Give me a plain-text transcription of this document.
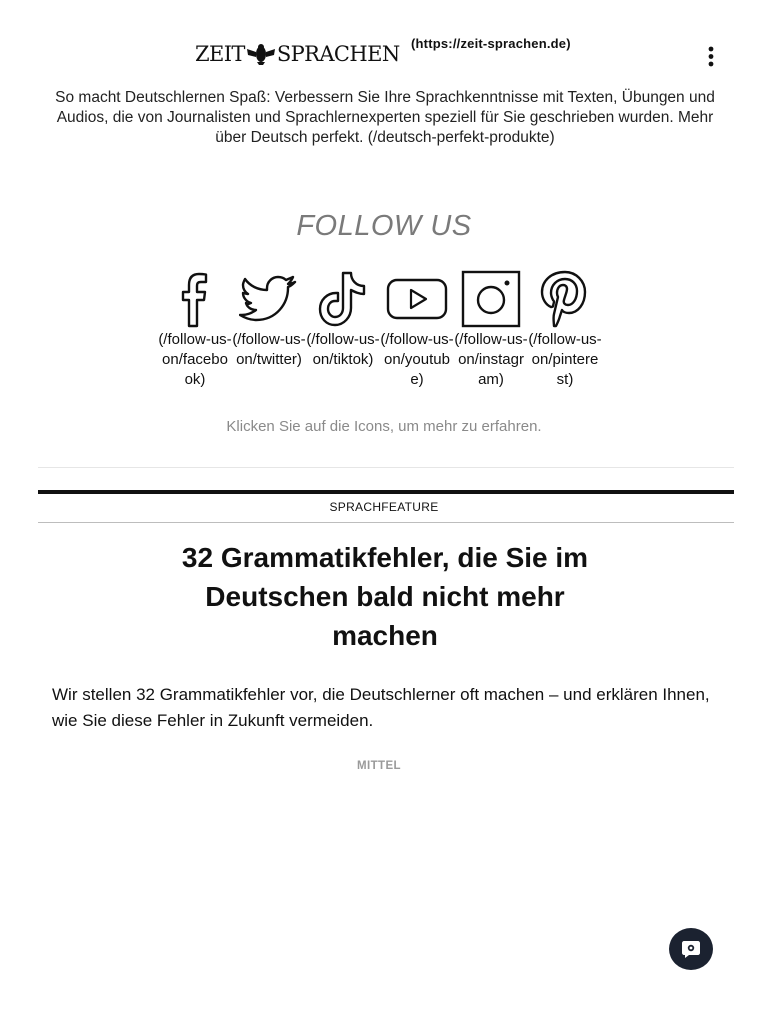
ZEIT SPRACHEN (https://zeit-sprachen.de)
So macht Deutschlernen Spaß: Verbessern Sie Ihre Sprachkenntnisse mit Texten, Übungen und Audios, die von Journalisten und Sprachlernexperten speziell für Sie geschrieben wurden. Mehr über Deutsch perfekt. (/deutsch-perfekt-produkte)
FOLLOW US
(/follow-us-on/facebook)
(/follow-us-on/twitter)
(/follow-us-on/tiktok)
(/follow-us-on/youtube)
(/follow-us-on/instagram)
(/follow-us-on/pinterest)
Klicken Sie auf die Icons, um mehr zu erfahren.
SPRACHFEATURE
32 Grammatikfehler, die Sie im Deutschen bald nicht mehr machen
Wir stellen 32 Grammatikfehler vor, die Deutschlerner oft machen – und erklären Ihnen, wie Sie diese Fehler in Zukunft vermeiden.
MITTEL
